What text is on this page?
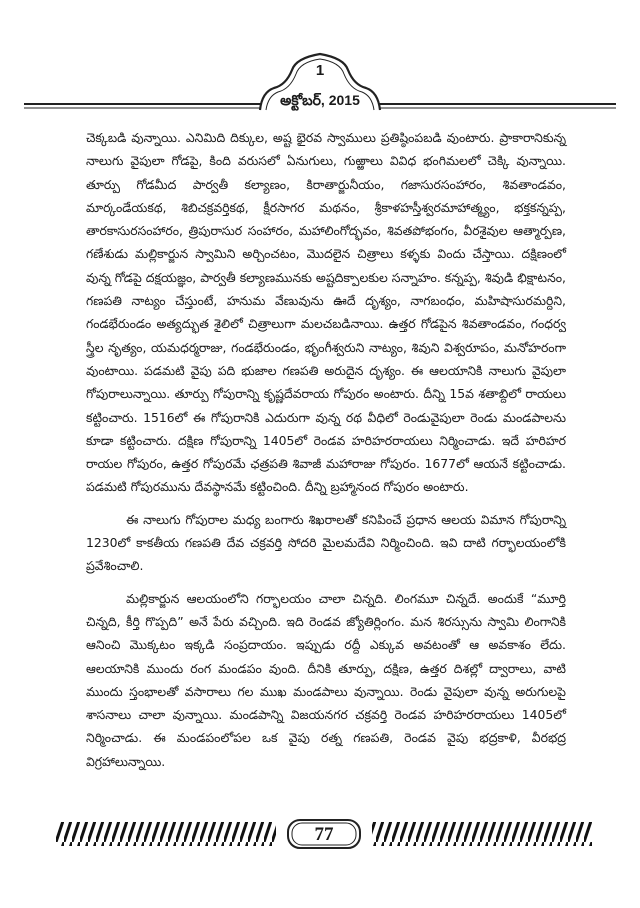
1
అక్టోబర్, 2015

చెక్కబడి వున్నాయి. ఎనిమిది దిక్కుల, అష్ట భైరవ స్వాములు ప్రతిష్ఠింపబడి వుంటారు. ప్రాకారానికున్న నాలుగు వైపులా గోడపై, కింది వరుసలో ఏనుగులు, గుఱ్ఱాలు వివిధ భంగిమలలో చెక్కి వున్నాయి. తూర్పు గోడమీద పార్వతీ కల్యాణం, కిరాతార్జునీయం, గజాసురసంహారం, శివతాండవం, మార్కండేయకథ, శిబిచక్రవర్తికథ, క్షీరసాగర మథనం, శ్రీకాళహస్తీశ్వరమాహాత్మ్యం, భక్తకన్నప్ప, తారకాసురసంహారం, త్రిపురాసుర సంహారం, మహాలింగోద్భవం, శివతపోభంగం, వీరశైవుల ఆత్మార్పణ, గణేశుడు మల్లికార్జున స్వామిని అర్చించటం, మొదలైన చిత్రాలు కళ్ళకు విందు చేస్తాయి. దక్షిణంలో వున్న గోడపై దక్షయజ్ఞం, పార్వతీ కల్యాణమునకు అష్టదిక్పాలకుల సన్నాహం. కన్నప్ప, శివుడి భిక్షాటనం, గణపతి నాట్యం చేస్తుంటే, హనుమ వేణువును ఊదే దృశ్యం, నాగబంధం, మహిషాసురమర్దిని, గండభేరుండం అత్యద్భుత శైలిలో చిత్రాలుగా మలచబడినాయి. ఉత్తర గోడపైన శివతాండవం, గంధర్వ స్త్రీల నృత్యం, యమధర్మరాజు, గండభేరుండం, భృంగీశ్వరుని నాట్యం, శివుని విశ్వరూపం, మనోహరంగా వుంటాయి. పడమటి వైపు పది భుజాల గణపతి అరుదైన దృశ్యం. ఈ ఆలయానికి నాలుగు వైపులా గోపురాలున్నాయి. తూర్పు గోపురాన్ని కృష్ణదేవరాయ గోపురం అంటారు. దీన్ని 15వ శతాబ్దిలో రాయలు కట్టించారు. 1516లో ఈ గోపురానికి ఎదురుగా వున్న రథ వీధిలో రెండువైపులా రెండు మండపాలను కూడా కట్టించారు. దక్షిణ గోపురాన్ని 1405లో రెండవ హరిహరరాయలు నిర్మించాడు. ఇదే హరిహర రాయల గోపురం, ఉత్తర గోపురమే ఛత్రపతి శివాజీ మహారాజు గోపురం. 1677లో ఆయనే కట్టించాడు. పడమటి గోపురమును దేవస్థానమే కట్టించింది. దీన్ని బ్రహ్మానంద గోపురం అంటారు.

ఈ నాలుగు గోపురాల మధ్య బంగారు శిఖరాలతో కనిపించే ప్రధాన ఆలయ విమాన గోపురాన్ని 1230లో కాకతీయ గణపతి దేవ చక్రవర్తి సోదరి మైలమదేవి నిర్మించింది. ఇవి దాటి గర్భాలయంలోకి ప్రవేశించాలి.

మల్లికార్జున ఆలయంలోని గర్భాలయం చాలా చిన్నది. లింగమూ చిన్నదే. అందుకే “మూర్తి చిన్నది, కీర్తి గొప్పది” అనే పేరు వచ్చింది. ఇది రెండవ జ్యోతిర్లింగం. మన శిరస్సును స్వామి లింగానికి ఆనించి మొక్కటం ఇక్కడి సంప్రదాయం. ఇప్పుడు రద్దీ ఎక్కువ అవటంతో ఆ అవకాశం లేదు. ఆలయానికి ముందు రంగ మండపం వుంది. దీనికి తూర్పు, దక్షిణ, ఉత్తర దిశల్లో ద్వారాలు, వాటి ముందు స్తంభాలతో వసారాలు గల ముఖ మండపాలు వున్నాయి. రెండు వైపులా వున్న అరుగులపై శాసనాలు చాలా వున్నాయి. మండపాన్ని విజయనగర చక్రవర్తి రెండవ హరిహరరాయలు 1405లో నిర్మించాడు. ఈ మండపంలోపల ఒక వైపు రత్న గణపతి, రెండవ వైపు భద్రకాళి, వీరభద్ర విగ్రహాలున్నాయి.

77
